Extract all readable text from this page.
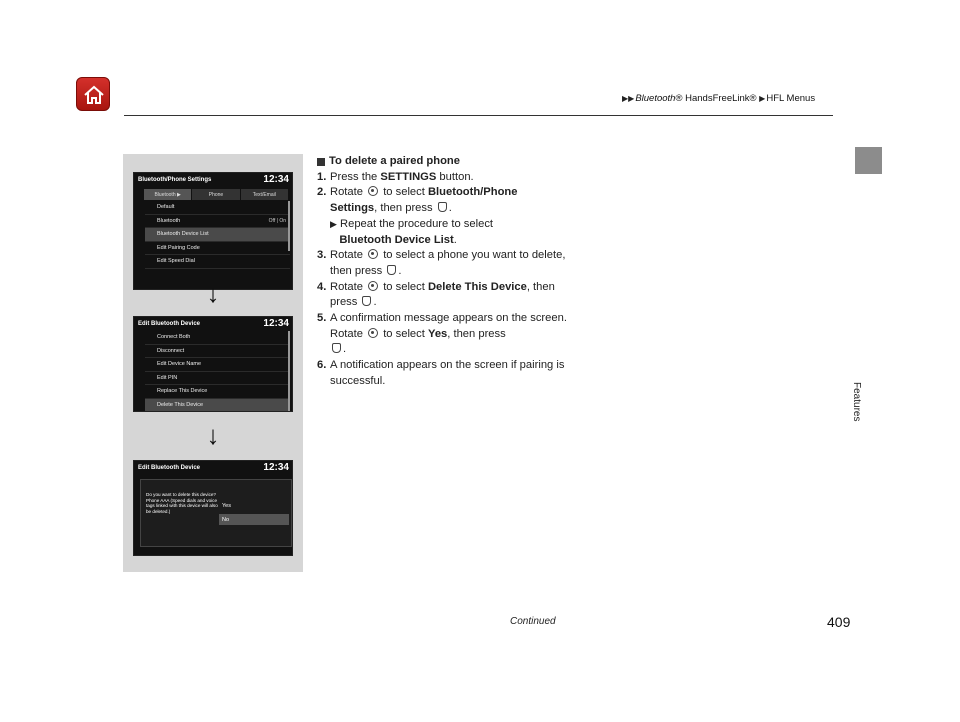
▶▶Bluetooth® HandsFreeLink® ▶HFL Menus
Features
Bluetooth/Phone Settings	12:34
Bluetooth ▶	Phone	Text/Email
Default
Bluetooth	Off | On
Bluetooth Device List
Edit Pairing Code
Edit Speed Dial
↓
Edit Bluetooth Device	12:34
Connect Both
Disconnect
Edit Device Name
Edit PIN
Replace This Device
Delete This Device
↓
Edit Bluetooth Device	12:34
Do you want to delete this device? Phone AAA (Speed dials and voice tags linked with this device will also be deleted.)
Yes
No
To delete a paired phone
1. Press the SETTINGS button.
2. Rotate to select Bluetooth/Phone Settings, then press .
▶ Repeat the procedure to select
Bluetooth Device List.
3. Rotate to select a phone you want to delete, then press .
4. Rotate to select Delete This Device, then press .
5. A confirmation message appears on the screen. Rotate to select Yes, then press
.
6. A notification appears on the screen if pairing is successful.
Continued	409
